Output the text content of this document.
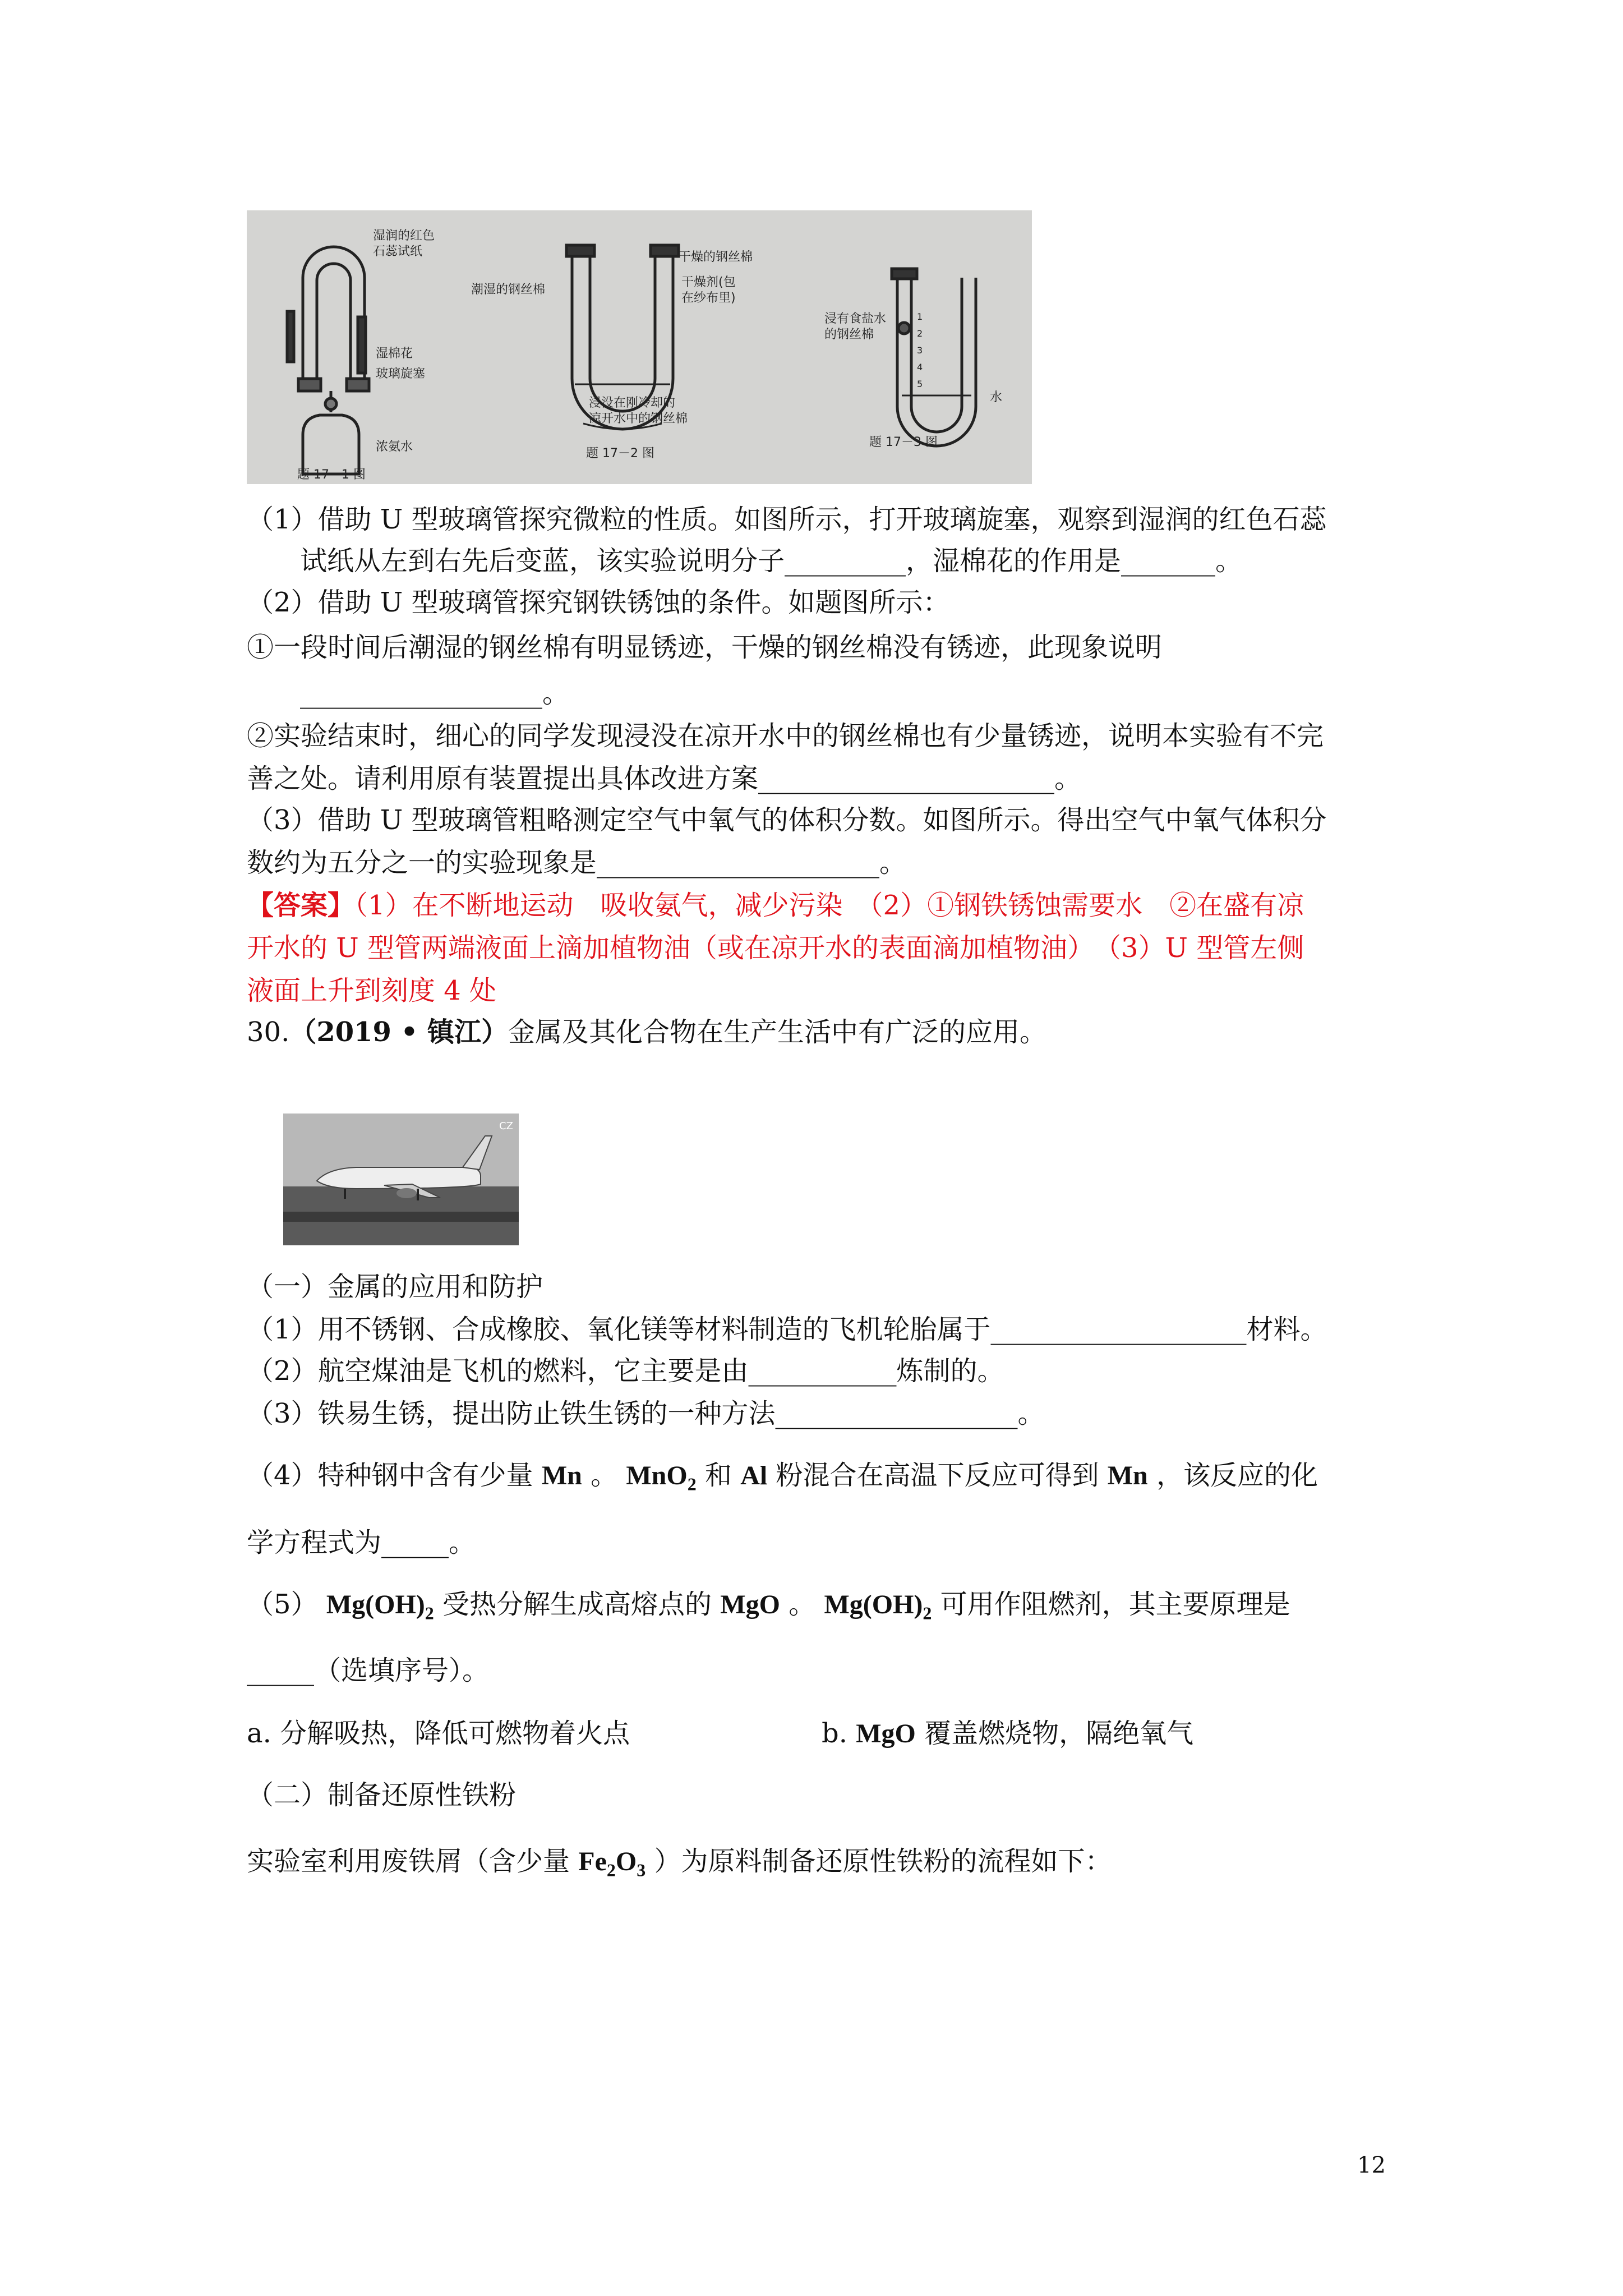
湿润的红色
石蕊试纸
湿棉花
玻璃旋塞
浓氨水
题 17－1 图
潮湿的钢丝棉
干燥的钢丝棉
干燥剂(包
在纱布里)
浸没在刚冷却的
凉开水中的钢丝棉
题 17－2 图
浸有食盐水
的钢丝棉
水
1
2
3
4
5
题 17－3 图
（1）借助 U 型玻璃管探究微粒的性质。如图所示，打开玻璃旋塞，观察到湿润的红色石蕊
试纸从左到右先后变蓝，该实验说明分子_________，湿棉花的作用是_______。
（2）借助 U 型玻璃管探究钢铁锈蚀的条件。如题图所示：
①一段时间后潮湿的钢丝棉有明显锈迹，干燥的钢丝棉没有锈迹，此现象说明
__________________。
②实验结束时，细心的同学发现浸没在凉开水中的钢丝棉也有少量锈迹，说明本实验有不完
善之处。请利用原有装置提出具体改进方案______________________。
（3）借助 U 型玻璃管粗略测定空气中氧气的体积分数。如图所示。得出空气中氧气体积分
数约为五分之一的实验现象是_____________________。
【答案】（1）在不断地运动　吸收氨气，减少污染　（2）①钢铁锈蚀需要水　②在盛有凉
开水的 U 型管两端液面上滴加植物油（或在凉开水的表面滴加植物油）　（3）U 型管左侧
液面上升到刻度 4 处
30.（2019 • 镇江）金属及其化合物在生产生活中有广泛的应用。
CZ
（一）金属的应用和防护
（1）用不锈钢、合成橡胶、氧化镁等材料制造的飞机轮胎属于___________________材料。
（2）航空煤油是飞机的燃料，它主要是由___________炼制的。
（3）铁易生锈，提出防止铁生锈的一种方法__________________。
（4）特种钢中含有少量 Mn 。 MnO$_2$ 和 Al 粉混合在高温下反应可得到 Mn ，该反应的化
学方程式为_____。
（5） $Mg(OH)_2$ 受热分解生成高熔点的 MgO 。 $Mg(OH)_2$ 可用作阻燃剂，其主要原理是
_____（选填序号）。
a. 分解吸热，降低可燃物着火点	b. MgO 覆盖燃烧物，隔绝氧气
（二）制备还原性铁粉
实验室利用废铁屑（含少量 $Fe_2O_3$ ）为原料制备还原性铁粉的流程如下：
12
